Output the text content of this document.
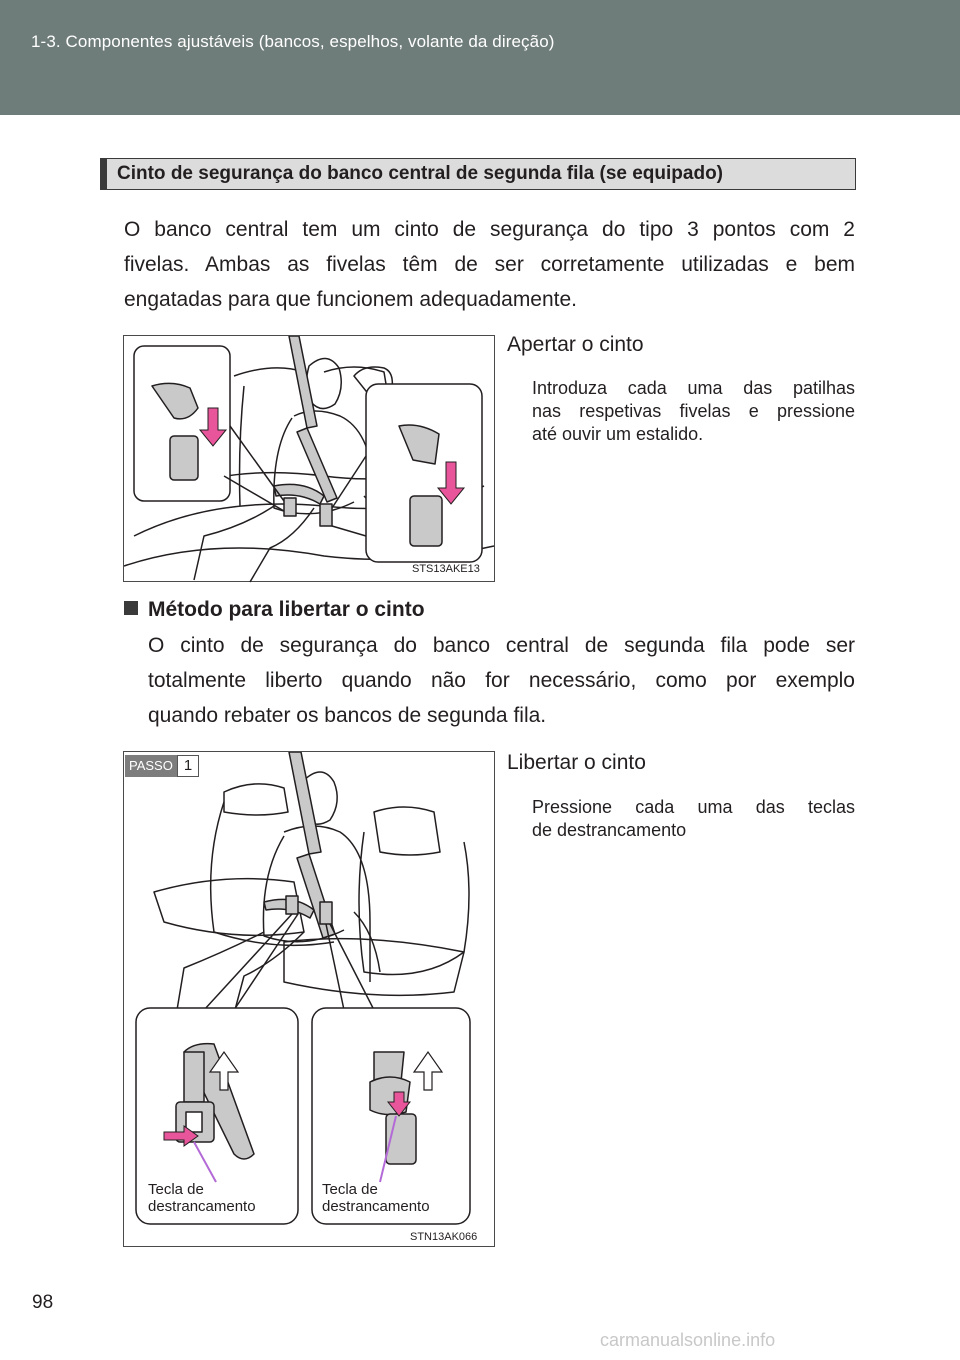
1-3. Componentes ajustáveis (bancos, espelhos, volante da direção)
Cinto de segurança do banco central de segunda fila (se equipado)
O banco central tem um cinto de segurança do tipo 3 pontos com 2
fivelas. Ambas as fivelas têm de ser corretamente utilizadas e bem
engatadas para que funcionem adequadamente.
STS13AKE13
Apertar o cinto
Introduza cada uma das patilhas
nas respetivas fivelas e pressione
até ouvir um estalido.
Método para libertar o cinto
O cinto de segurança do banco central de segunda fila pode ser
totalmente liberto quando não for necessário, como por exemplo
quando rebater os bancos de segunda fila.
Tecla de
destrancamento
Tecla de
destrancamento
STN13AK066
PASSO 1	Libertar o cinto
Pressione cada uma das teclas
de destrancamento
98
carmanualsonline.info
